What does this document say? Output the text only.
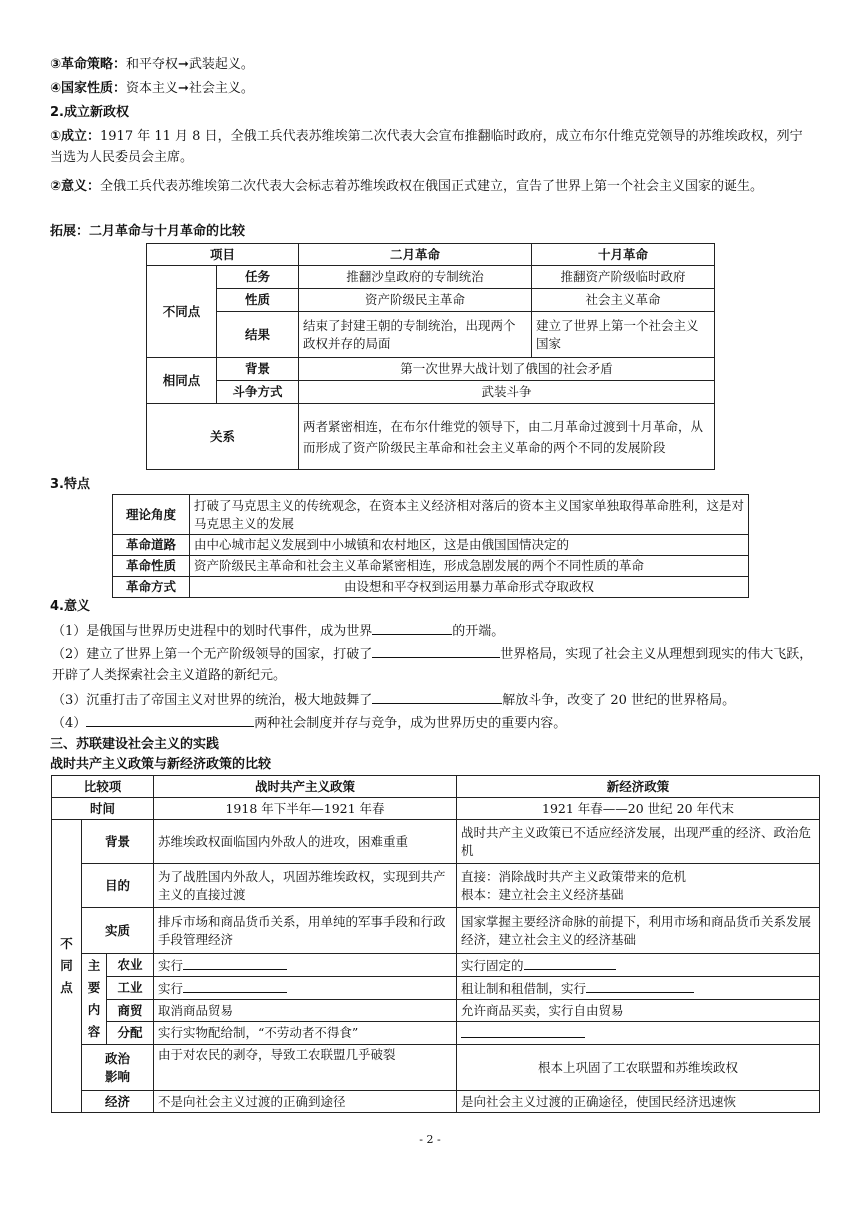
③革命策略：和平夺权➞武装起义。
④国家性质：资本主义➞社会主义。
2.成立新政权
①成立：1917 年 11 月 8 日，全俄工兵代表苏维埃第二次代表大会宣布推翻临时政府，成立布尔什维克党领导的苏维埃政权，列宁当选为人民委员会主席。
②意义：全俄工兵代表苏维埃第二次代表大会标志着苏维埃政权在俄国正式建立，宣告了世界上第一个社会主义国家的诞生。
拓展：二月革命与十月革命的比较
项目		二月革命	十月革命
不同点	任务	推翻沙皇政府的专制统治	推翻资产阶级临时政府
	性质	资产阶级民主革命	社会主义革命
	结果	结束了封建王朝的专制统治，出现两个政权并存的局面	建立了世界上第一个社会主义国家
相同点	背景	第一次世界大战计划了俄国的社会矛盾	
	斗争方式	武装斗争	
关系		两者紧密相连，在布尔什维党的领导下，由二月革命过渡到十月革命，从而形成了资产阶级民主革命和社会主义革命的两个不同的发展阶段	
3.特点
理论角度	打破了马克思主义的传统观念，在资本主义经济相对落后的资本主义国家单独取得革命胜利，这是对马克思主义的发展
革命道路	由中心城市起义发展到中小城镇和农村地区，这是由俄国国情决定的
革命性质	资产阶级民主革命和社会主义革命紧密相连，形成急剧发展的两个不同性质的革命
革命方式	由设想和平夺权到运用暴力革命形式夺取政权
4.意义
（1）是俄国与世界历史进程中的划时代事件，成为世界	的开端。
（2）建立了世界上第一个无产阶级领导的国家，打破了	世界格局，实现了社会主义从理想到现实的伟大飞跃，开辟了人类探索社会主义道路的新纪元。
（3）沉重打击了帝国主义对世界的统治，极大地鼓舞了	解放斗争，改变了 20 世纪的世界格局。
（4）	两种社会制度并存与竞争，成为世界历史的重要内容。
三、苏联建设社会主义的实践
战时共产主义政策与新经济政策的比较
比较项			战时共产主义政策	新经济政策
时间			1918 年下半年—1921 年春	1921 年春——20 世纪 20 年代末
不同点	背景		苏维埃政权面临国内外敌人的进攻，困难重重	战时共产主义政策已不适应经济发展，出现严重的经济、政治危机
	目的		为了战胜国内外敌人，巩固苏维埃政权，实现到共产主义的直接过渡	直接：消除战时共产主义政策带来的危机
根本：建立社会主义经济基础

	实质		排斥市场和商品货币关系，用单纯的军事手段和行政手段管理经济	国家掌握主要经济命脉的前提下，利用市场和商品货币关系发展经济，建立社会主义的经济基础
	主要内容	农业	实行	实行固定的
		工业	实行	租让制和租借制，实行
		商贸	取消商品贸易	允许商品买卖，实行自由贸易
		分配	实行实物配给制，“不劳动者不得食”	
	政治影响		由于对农民的剥夺，导致工农联盟几乎破裂	根本上巩固了工农联盟和苏维埃政权
	经济		不是向社会主义过渡的正确到途径	是向社会主义过渡的正确途径，使国民经济迅速恢
- 2 -
